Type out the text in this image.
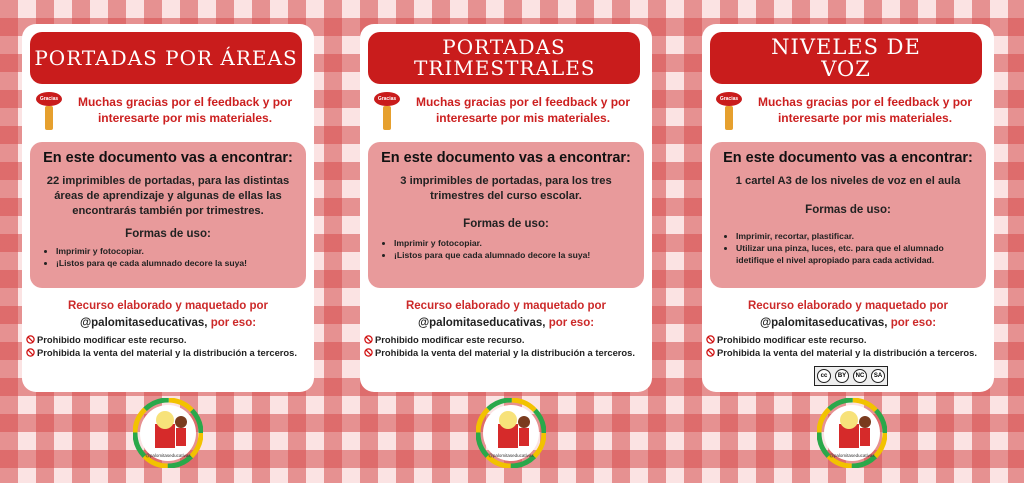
PORTADAS POR ÁREAS
Gracias	Muchas gracias por el feedback y por interesarte por mis materiales.
En este documento vas a encontrar:
22 imprimibles de portadas, para las distintas áreas de aprendizaje y algunas de ellas las encontrarás también por trimestres.
Formas de uso:
• Imprimir y fotocopiar.
• ¡Listos para qe cada alumnado decore la suya!
Recurso elaborado y maquetado por
@palomitaseducativas, por eso:
Prohibido modificar este recurso.
Prohibida la venta del material y la distribución a terceros.
PORTADAS TRIMESTRALES
Gracias	Muchas gracias por el feedback y por interesarte por mis materiales.
En este documento vas a encontrar:
3 imprimibles de portadas, para los tres trimestres del curso escolar.
Formas de uso:
• Imprimir y fotocopiar.
• ¡Listos para que cada alumnado decore la suya!
Recurso elaborado y maquetado por
@palomitaseducativas, por eso:
Prohibido modificar este recurso.
Prohibida la venta del material y la distribución a terceros.
NIVELES DE VOZ
Gracias	Muchas gracias por el feedback y por interesarte por mis materiales.
En este documento vas a encontrar:
1 cartel A3 de los niveles de voz en el aula
Formas de uso:
• Imprimir, recortar, plastificar.
• Utilizar una pinza, luces, etc. para que el alumnado idetifique el nivel apropiado para cada actividad.
Recurso elaborado y maquetado por
@palomitaseducativas, por eso:
Prohibido modificar este recurso.
Prohibida la venta del material y la distribución a terceros.
cc	BY	NC	SA
@palomitaseducativas	@palomitaseducativas	@palomitaseducativas
